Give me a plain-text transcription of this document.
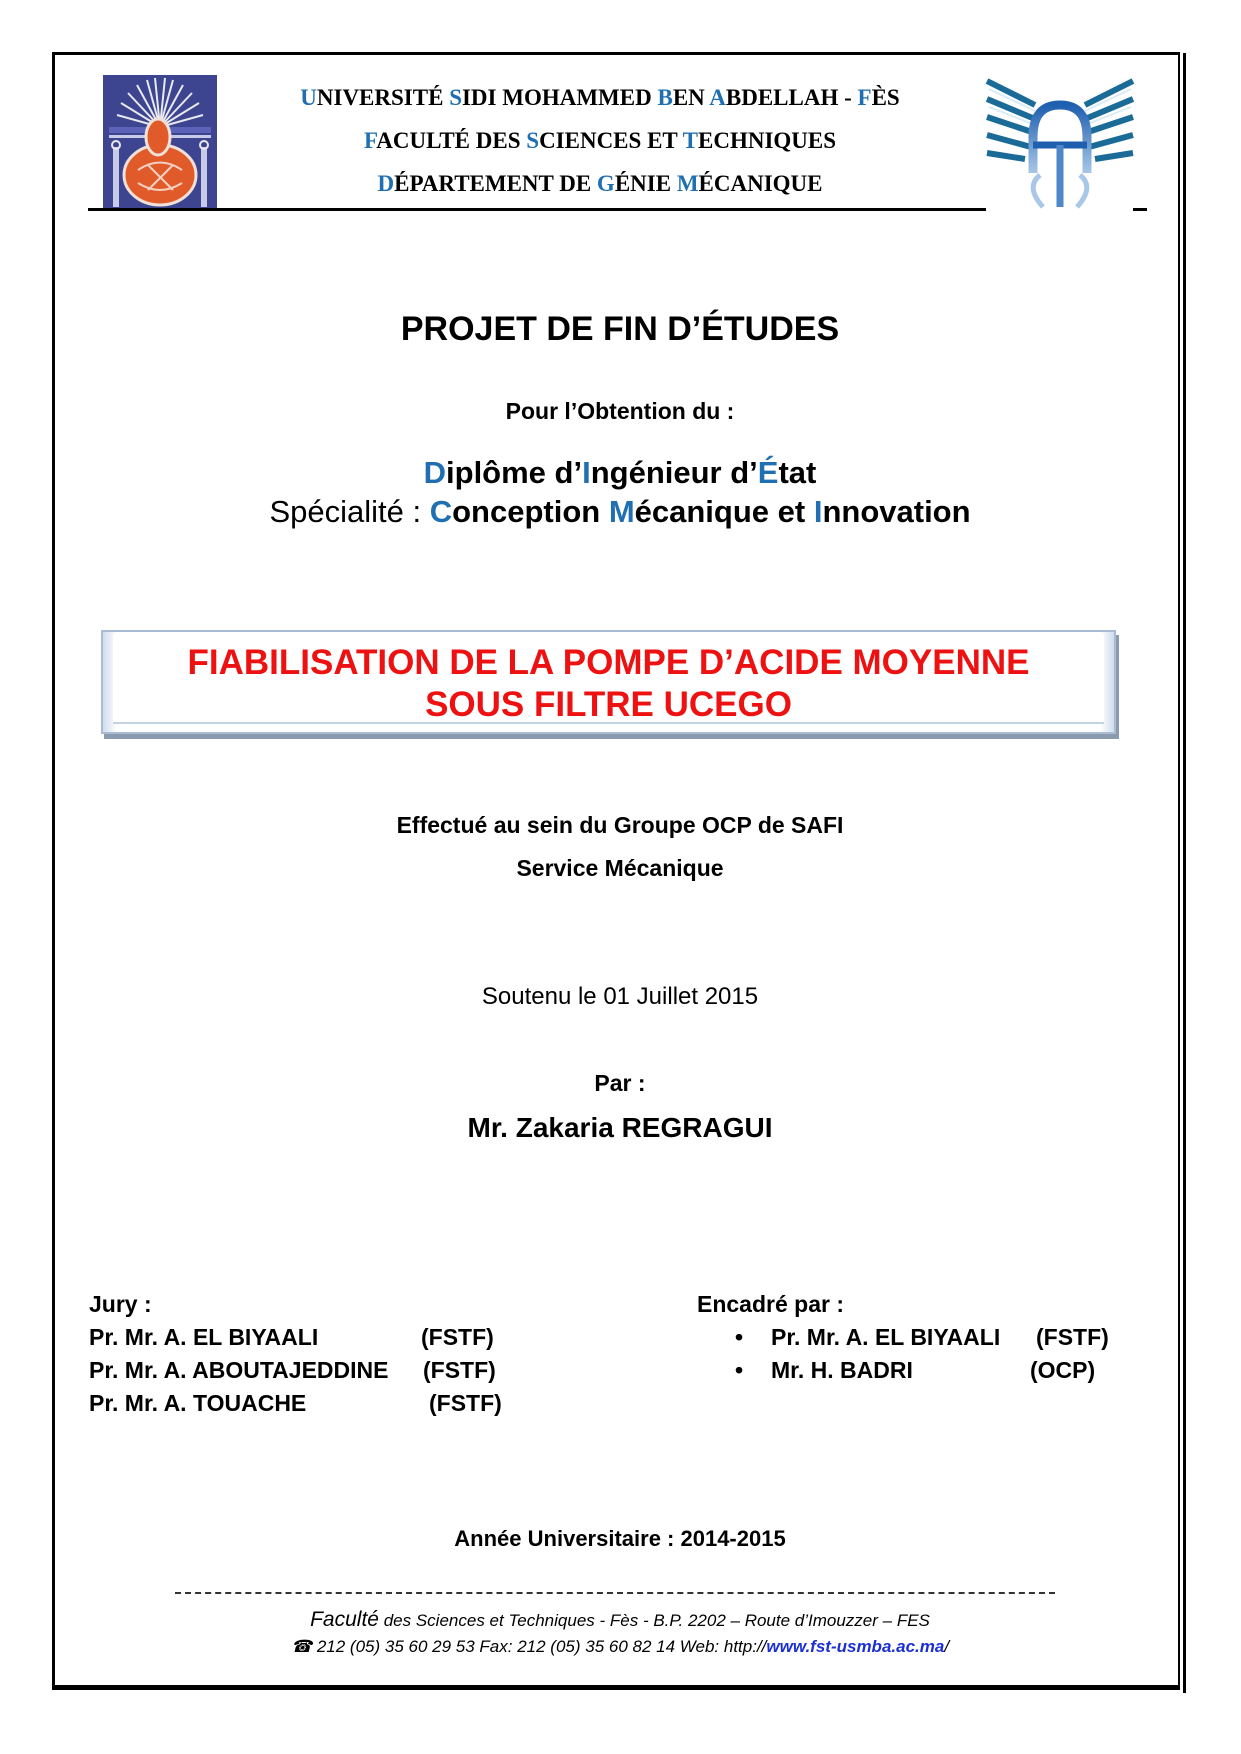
UNIVERSITÉ SIDI MOHAMMED BEN ABDELLAH - FÈS
FACULTÉ DES SCIENCES ET TECHNIQUES
DÉPARTEMENT DE GÉNIE MÉCANIQUE
PROJET DE FIN D’ÉTUDES
Pour l’Obtention du :
Diplôme d’Ingénieur d’État
Spécialité : Conception Mécanique et Innovation
FIABILISATION DE LA POMPE D’ACIDE MOYENNE
SOUS FILTRE UCEGO
Effectué au sein du Groupe OCP de SAFI
Service Mécanique
Soutenu le 01 Juillet 2015
Par :
Mr. Zakaria REGRAGUI
Jury :
Pr. Mr. A. EL BIYAALI	(FSTF)
Pr. Mr. A. ABOUTAJEDDINE (FSTF)
Pr. Mr. A. TOUACHE	(FSTF)
Encadré par :
• Pr. Mr. A. EL BIYAALI (FSTF)
• Mr. H. BADRI	(OCP)
Année Universitaire : 2014-2015
Faculté des Sciences et Techniques - Fès - B.P. 2202 – Route d’Imouzzer – FES
☎ 212 (05) 35 60 29 53 Fax: 212 (05) 35 60 82 14 Web: http://www.fst-usmba.ac.ma/
